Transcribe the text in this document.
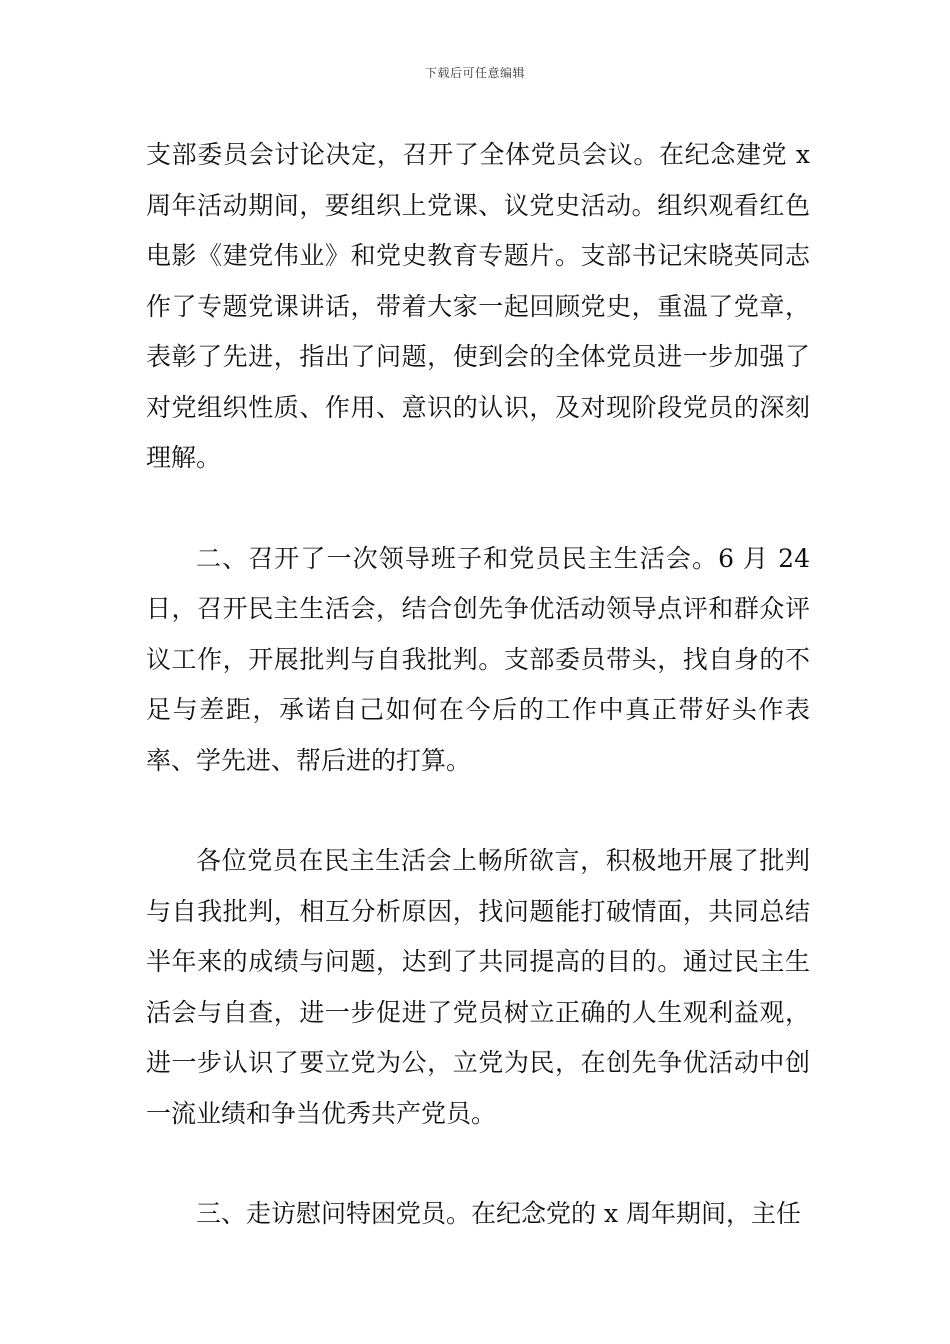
下载后可任意编辑

支部委员会讨论决定，召开了全体党员会议。在纪念建党 x 周年活动期间，要组织上党课、议党史活动。组织观看红色电影《建党伟业》和党史教育专题片。支部书记宋晓英同志作了专题党课讲话，带着大家一起回顾党史，重温了党章，表彰了先进，指出了问题，使到会的全体党员进一步加强了对党组织性质、作用、意识的认识，及对现阶段党员的深刻理解。

二、召开了一次领导班子和党员民主生活会。6 月 24 日，召开民主生活会，结合创先争优活动领导点评和群众评议工作，开展批判与自我批判。支部委员带头，找自身的不足与差距，承诺自己如何在今后的工作中真正带好头作表率、学先进、帮后进的打算。

各位党员在民主生活会上畅所欲言，积极地开展了批判与自我批判，相互分析原因，找问题能打破情面，共同总结半年来的成绩与问题，达到了共同提高的目的。通过民主生活会与自查，进一步促进了党员树立正确的人生观利益观，进一步认识了要立党为公，立党为民，在创先争优活动中创一流业绩和争当优秀共产党员。

三、走访慰问特困党员。在纪念党的 x 周年期间，主任
